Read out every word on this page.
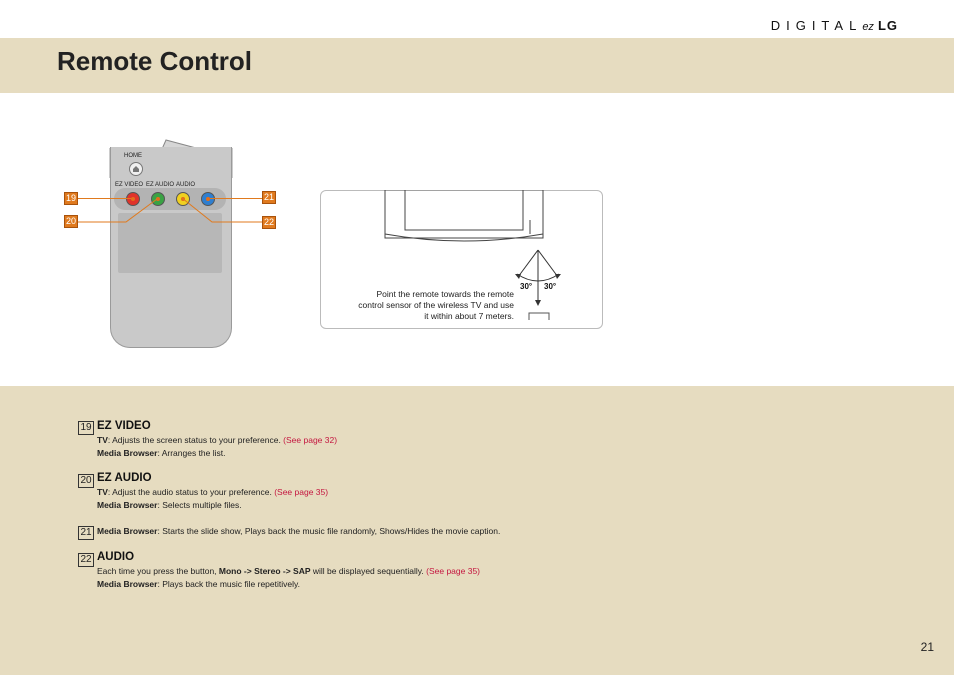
DIGITALez LG
Remote Control
HOME
EZ VIDEO EZ AUDIO AUDIO
19
20
21
22
30° 30°
Point the remote towards the remote control sensor of the wireless TV and use it within about 7 meters.
19 EZ VIDEO
TV: Adjusts the screen status to your preference. (See page 32)
Media Browser: Arranges the list.
20 EZ AUDIO
TV: Adjust the audio status to your preference. (See page 35)
Media Browser: Selects multiple files.
21 Media Browser: Starts the slide show, Plays back the music file randomly, Shows/Hides the movie caption.
22 AUDIO
Each time you press the button, Mono -> Stereo -> SAP will be displayed sequentially. (See page 35)
Media Browser: Plays back the music file repetitively.
21
